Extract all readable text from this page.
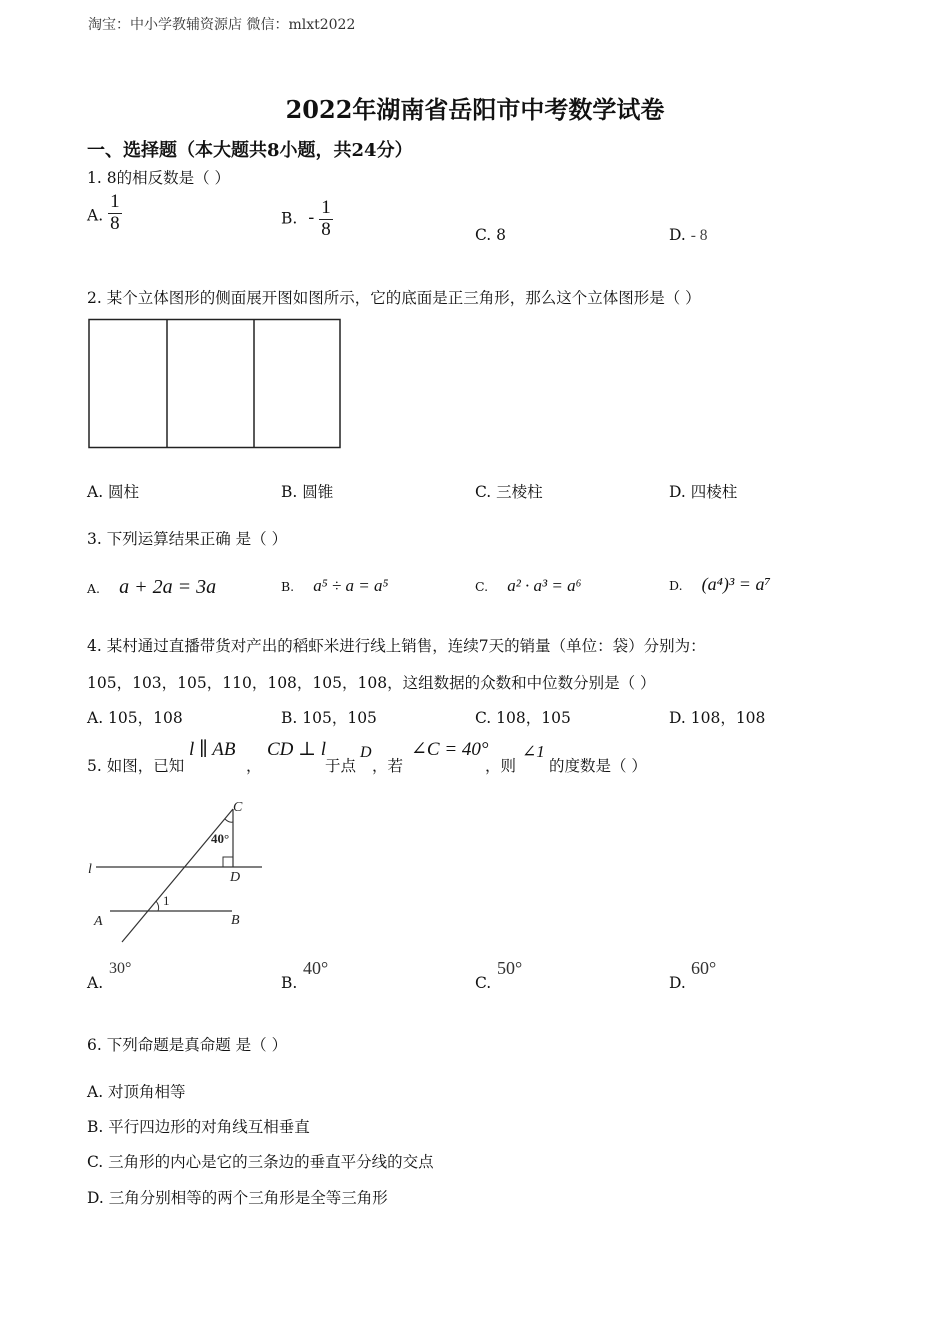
淘宝：中小学教辅资源店 微信：mlxt2022
2022年湖南省岳阳市中考数学试卷
一、选择题（本大题共8小题，共24分）
1. 8的相反数是（ ）
A. $\frac{1}{8}$	B. - $\frac{1}{8}$	C. 8	D. - 8
2. 某个立体图形的侧面展开图如图所示，它的底面是正三角形，那么这个立体图形是（ ）
A. 圆柱	B. 圆锥	C. 三棱柱	D. 四棱柱
3. 下列运算结果正确 是（ ）
A. a + 2a = 3a	B. a⁵ ÷ a = a⁵	C. a² · a³ = a⁶	D. (a⁴)³ = a⁷
4. 某村通过直播带货对产出的稻虾米进行线上销售，连续7天的销量（单位：袋）分别为：
105，103，105，110，108，105，108，这组数据的众数和中位数分别是（ ）
A. 105，108	B. 105，105	C. 108，105	D. 108，108
5. 如图，已知
l ∥ AB
，
CD ⊥ l
于点
D
，若
∠C = 40°
，则
∠1
的度数是（ ）
C
40°
l
D
1
A	B
A.
30°
B.
40°
C.
50°
D.
60°
6. 下列命题是真命题 是（ ）
A. 对顶角相等
B. 平行四边形的对角线互相垂直
C. 三角形的内心是它的三条边的垂直平分线的交点
D. 三角分别相等的两个三角形是全等三角形
